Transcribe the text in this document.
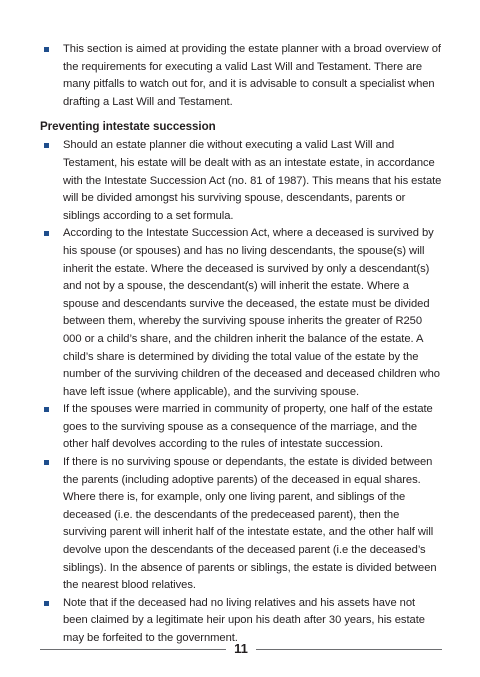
This section is aimed at providing the estate planner with a broad overview of the requirements for executing a valid Last Will and Testament. There are many pitfalls to watch out for, and it is advisable to consult a specialist when drafting a Last Will and Testament.
Preventing intestate succession
Should an estate planner die without executing a valid Last Will and Testament, his estate will be dealt with as an intestate estate, in accordance with the Intestate Succession Act (no. 81 of 1987). This means that his estate will be divided amongst his surviving spouse, descendants, parents or siblings according to a set formula.
According to the Intestate Succession Act, where a deceased is survived by his spouse (or spouses) and has no living descendants, the spouse(s) will inherit the estate. Where the deceased is survived by only a descendant(s) and not by a spouse, the descendant(s) will inherit the estate. Where a spouse and descendants survive the deceased, the estate must be divided between them, whereby the surviving spouse inherits the greater of R250 000 or a child’s share, and the children inherit the balance of the estate. A child’s share is determined by dividing the total value of the estate by the number of the surviving children of the deceased and deceased children who have left issue (where applicable), and the surviving spouse.
If the spouses were married in community of property, one half of the estate goes to the surviving spouse as a consequence of the marriage, and the other half devolves according to the rules of intestate succession.
If there is no surviving spouse or dependants, the estate is divided between the parents (including adoptive parents) of the deceased in equal shares. Where there is, for example, only one living parent, and siblings of the deceased (i.e. the descendants of the predeceased parent), then the surviving parent will inherit half of the intestate estate, and the other half will devolve upon the descendants of the deceased parent (i.e the deceased’s siblings). In the absence of parents or siblings, the estate is divided between the nearest blood relatives.
Note that if the deceased had no living relatives and his assets have not been claimed by a legitimate heir upon his death after 30 years, his estate may be forfeited to the government.
11
